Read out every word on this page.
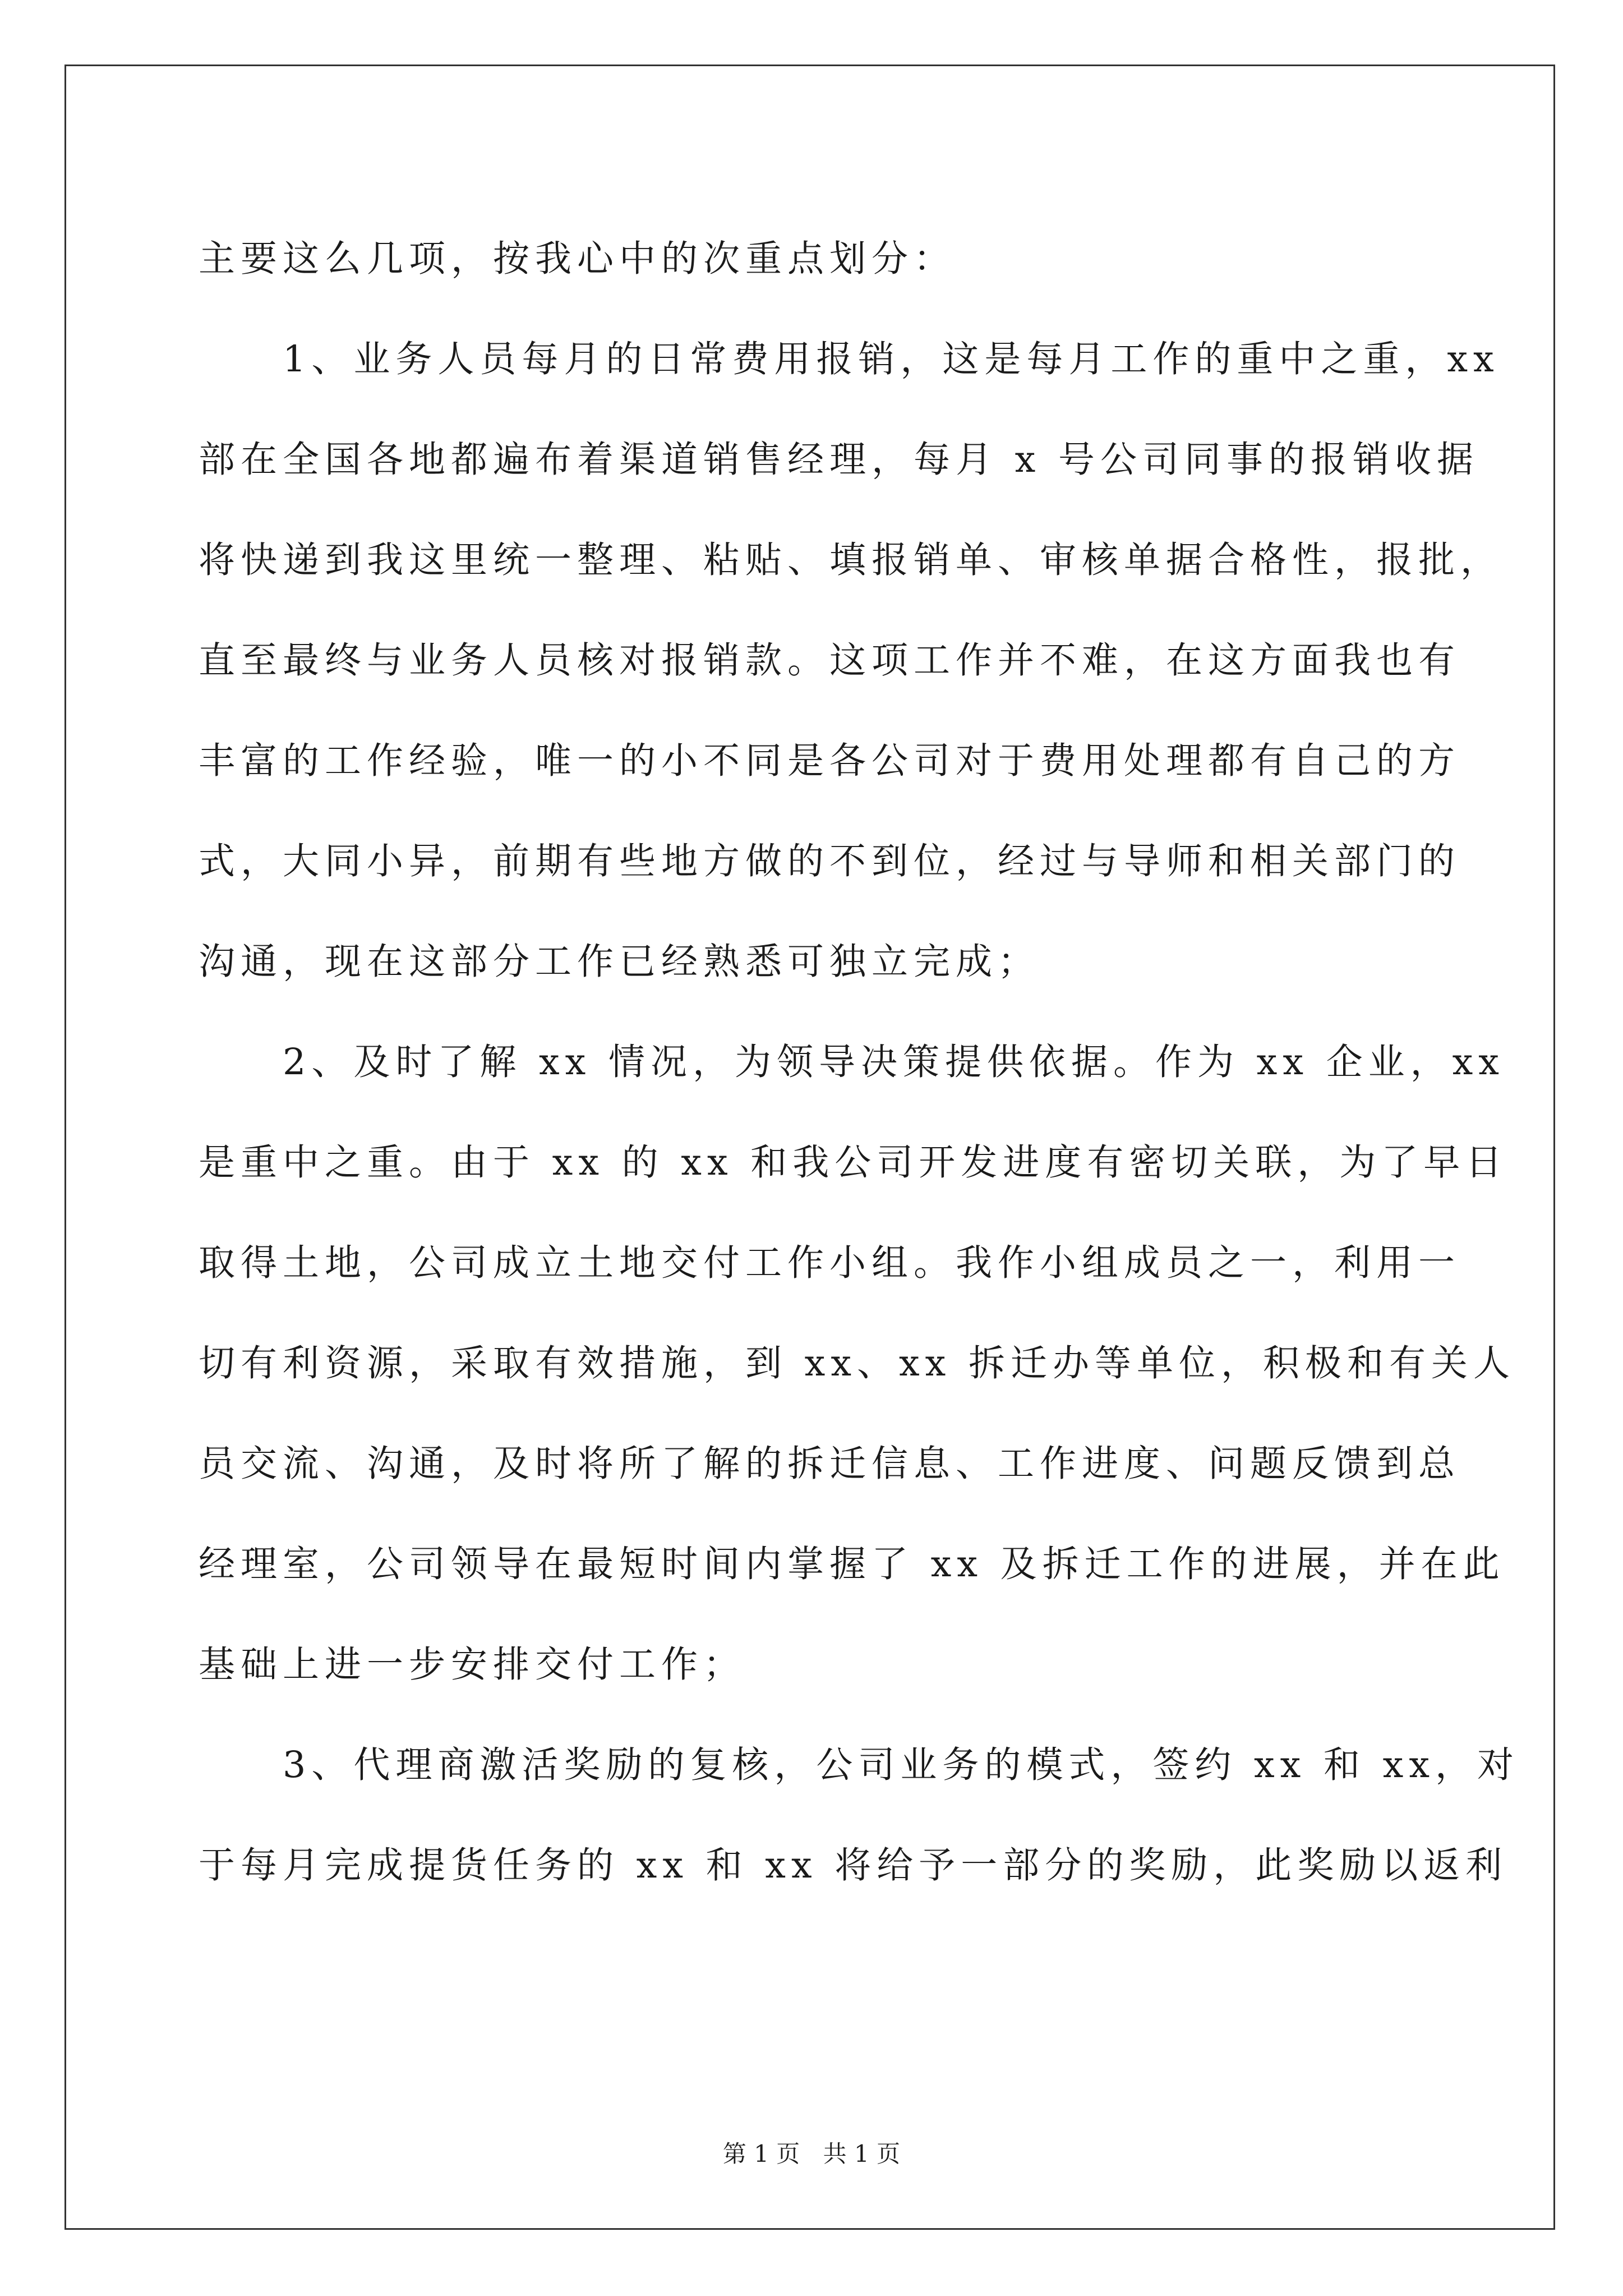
主要这么几项，按我心中的次重点划分：
　　1、业务人员每月的日常费用报销，这是每月工作的重中之重，xx
部在全国各地都遍布着渠道销售经理，每月 x 号公司同事的报销收据
将快递到我这里统一整理、粘贴、填报销单、审核单据合格性，报批，
直至最终与业务人员核对报销款。这项工作并不难，在这方面我也有
丰富的工作经验，唯一的小不同是各公司对于费用处理都有自己的方
式，大同小异，前期有些地方做的不到位，经过与导师和相关部门的
沟通，现在这部分工作已经熟悉可独立完成；
　　2、及时了解 xx 情况，为领导决策提供依据。作为 xx 企业，xx
是重中之重。由于 xx 的 xx 和我公司开发进度有密切关联，为了早日
取得土地，公司成立土地交付工作小组。我作小组成员之一，利用一
切有利资源，采取有效措施，到 xx、xx 拆迁办等单位，积极和有关人
员交流、沟通，及时将所了解的拆迁信息、工作进度、问题反馈到总
经理室，公司领导在最短时间内掌握了 xx 及拆迁工作的进展，并在此
基础上进一步安排交付工作；
　　3、代理商激活奖励的复核，公司业务的模式，签约 xx 和 xx，对
于每月完成提货任务的 xx 和 xx 将给予一部分的奖励，此奖励以返利
第 1 页 共 1 页
